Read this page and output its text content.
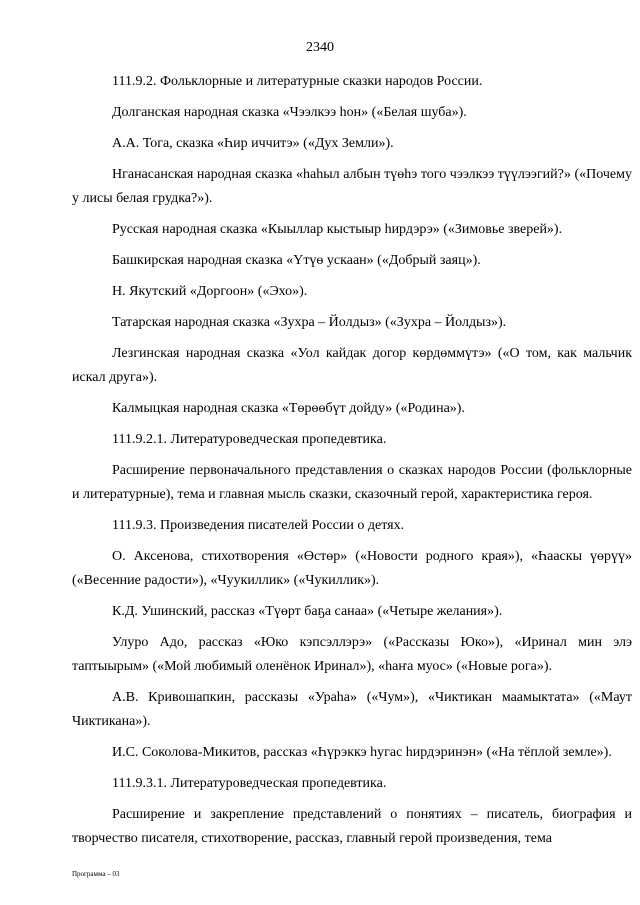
2340

111.9.2. Фольклорные и литературные сказки народов России.

Долганская народная сказка «Чээлкээ һон» («Белая шуба»).

А.А. Тога, сказка «Һир иччитэ» («Дух Земли»).

Нганасанская народная сказка «һаһыл албын түөһэ того чээлкээ түүлээгий?» («Почему у лисы белая грудка?»).

Русская народная сказка «Кыыллар кыстыыр һирдэрэ» («Зимовье зверей»).

Башкирская народная сказка «Үтүө ускаан» («Добрый заяц»).

Н. Якутский «Доргоон» («Эхо»).

Татарская народная сказка «Зухра – Йолдыз» («Зухра – Йолдыз»).

Лезгинская народная сказка «Уол кайдак догор көрдөммүтэ» («О том, как мальчик искал друга»).

Калмыцкая народная сказка «Төрөөбүт дойду» («Родина»).

111.9.2.1. Литературоведческая пропедевтика.

Расширение первоначального представления о сказках народов России (фольклорные и литературные), тема и главная мысль сказки, сказочный герой, характеристика героя.

111.9.3. Произведения писателей России о детях.

О. Аксенова, стихотворения «Өстөр» («Новости родного края»), «Һааскы үөрүү» («Весенние радости»), «Чуукиллик» («Чукиллик»).

К.Д. Ушинский, рассказ «Түөрт баҕа санаа» («Четыре желания»).

Улуро Адо, рассказ «Юко кэпсэллэрэ» («Рассказы Юко»), «Иринал мин элэ таптыырым» («Мой любимый оленёнок Иринал»), «һаҥа муос» («Новые рога»).

А.В. Кривошапкин, рассказы «Ураһа» («Чум»), «Чиктикан маамыктата» («Маут Чиктикана»).

И.С. Соколова-Микитов, рассказ «Һүрэккэ һугас һирдэринэн» («На тёплой земле»).

111.9.3.1. Литературоведческая пропедевтика.

Расширение и закрепление представлений о понятиях – писатель, биография и творчество писателя, стихотворение, рассказ, главный герой произведения, тема

Программа – 03
